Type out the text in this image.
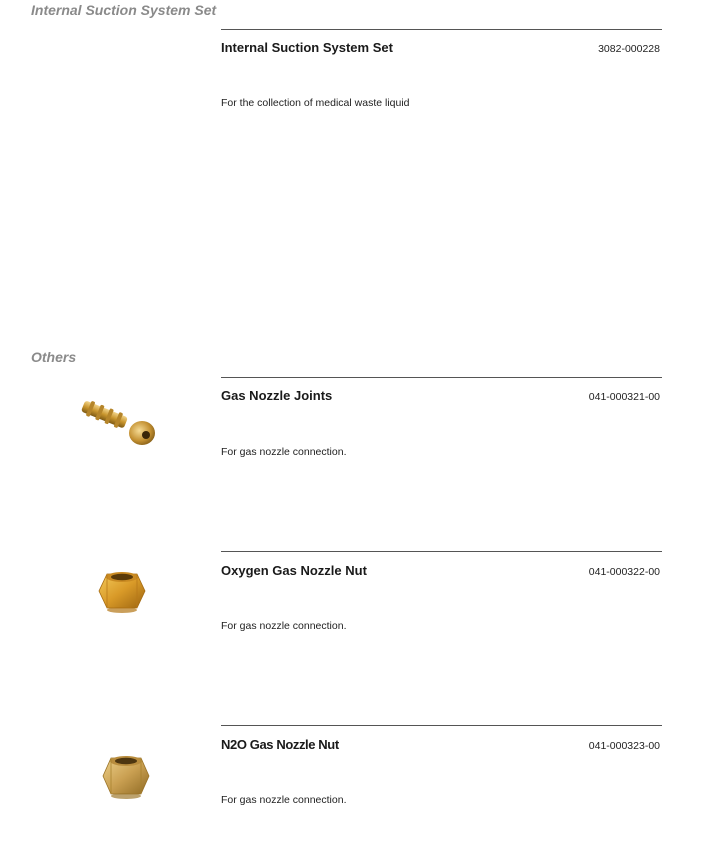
Internal Suction System Set
Internal Suction System Set	3082-000228
For the collection of medical waste liquid
Others
Gas Nozzle Joints	041-000321-00
For gas nozzle connection.
Oxygen Gas Nozzle Nut	041-000322-00
For gas nozzle connection.
N2O Gas Nozzle Nut	041-000323-00
For gas nozzle connection.
